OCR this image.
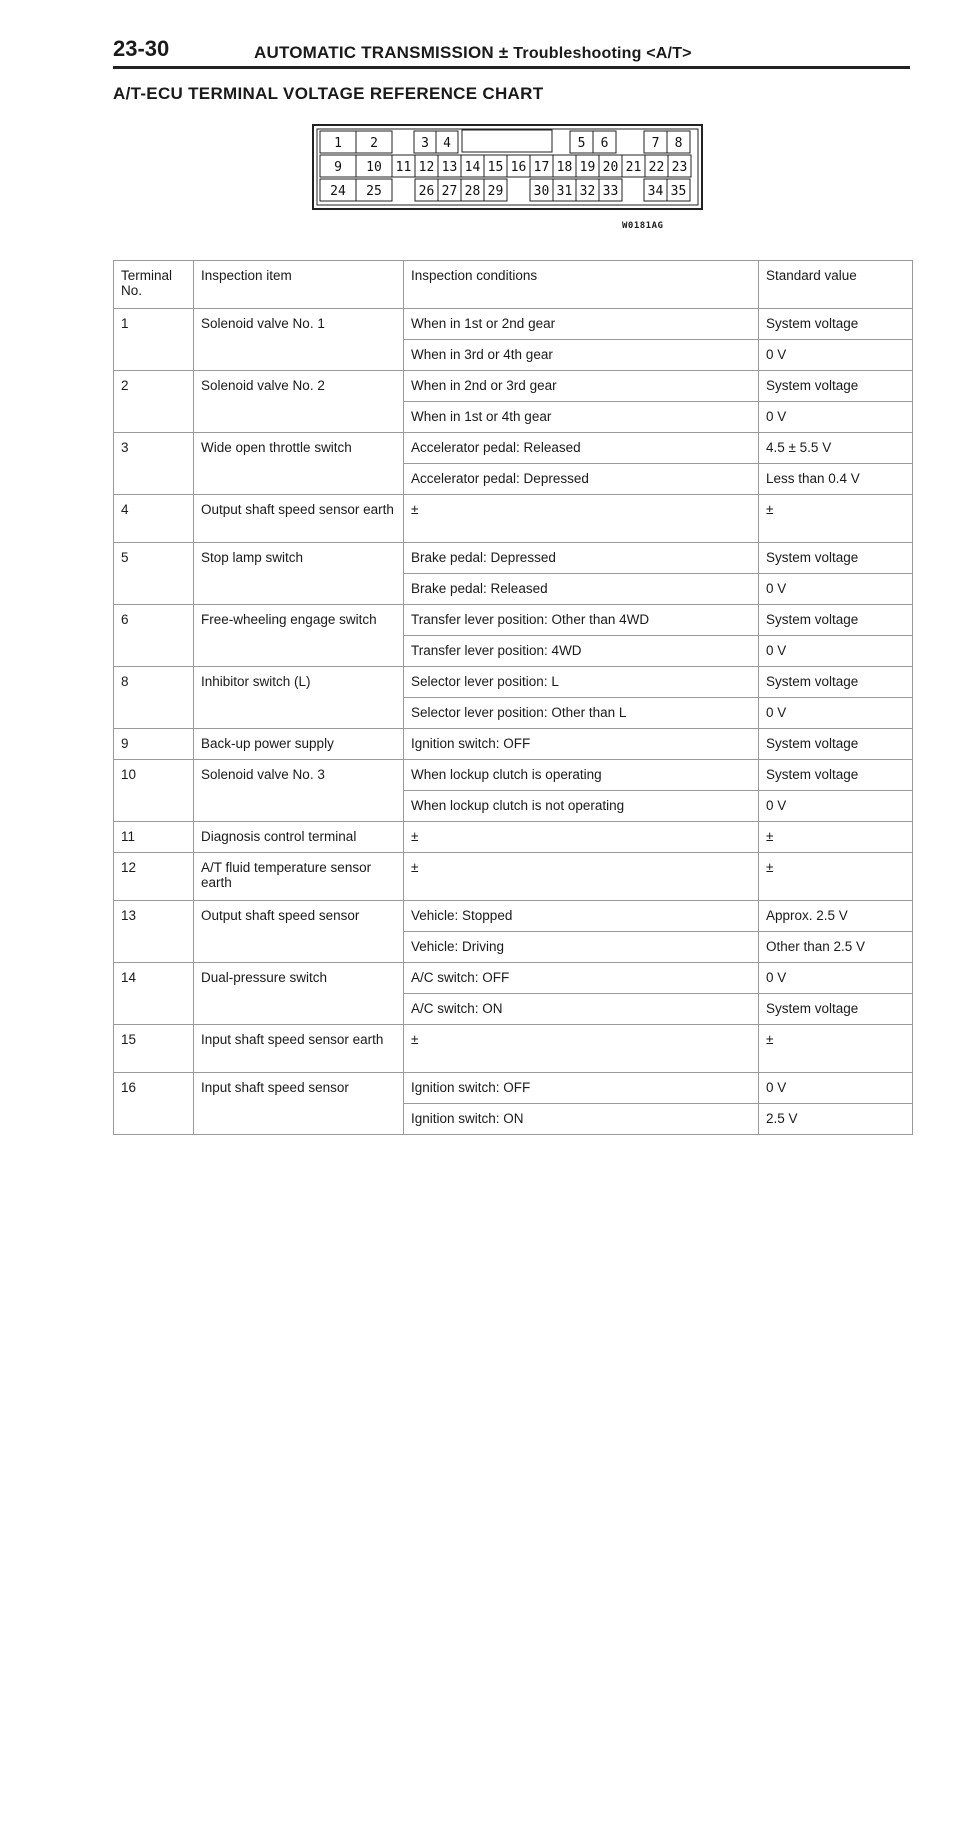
23-30	AUTOMATIC TRANSMISSION ± Troubleshooting <A/T>
A/T-ECU TERMINAL VOLTAGE REFERENCE CHART
1 2	3 4	5 6	7 8
9 10 11 12 13 14 15 16 17 18 19 20 21 22 23
24 25	26 27 28 29 30 31 32 33 34 35
W0181AG
Terminal No.	Inspection item	Inspection conditions	Standard value
1	Solenoid valve No. 1	When in 1st or 2nd gear	System voltage
		When in 3rd or 4th gear	0 V
2	Solenoid valve No. 2	When in 2nd or 3rd gear	System voltage
		When in 1st or 4th gear	0 V
3	Wide open throttle switch	Accelerator pedal: Released	4.5 ± 5.5 V
		Accelerator pedal: Depressed	Less than 0.4 V
4	Output shaft speed sensor earth	±	±
5	Stop lamp switch	Brake pedal: Depressed	System voltage
		Brake pedal: Released	0 V
6	Free-wheeling engage switch	Transfer lever position: Other than 4WD	System voltage
		Transfer lever position: 4WD	0 V
8	Inhibitor switch (L)	Selector lever position: L	System voltage
		Selector lever position: Other than L	0 V
9	Back-up power supply	Ignition switch: OFF	System voltage
10	Solenoid valve No. 3	When lockup clutch is operating	System voltage
		When lockup clutch is not operating	0 V
11	Diagnosis control terminal	±	±
12	A/T fluid temperature sensor earth	±	±
13	Output shaft speed sensor	Vehicle: Stopped	Approx. 2.5 V
		Vehicle: Driving	Other than 2.5 V
14	Dual-pressure switch	A/C switch: OFF	0 V
		A/C switch: ON	System voltage
15	Input shaft speed sensor earth	±	±
16	Input shaft speed sensor	Ignition switch: OFF	0 V
		Ignition switch: ON	2.5 V
